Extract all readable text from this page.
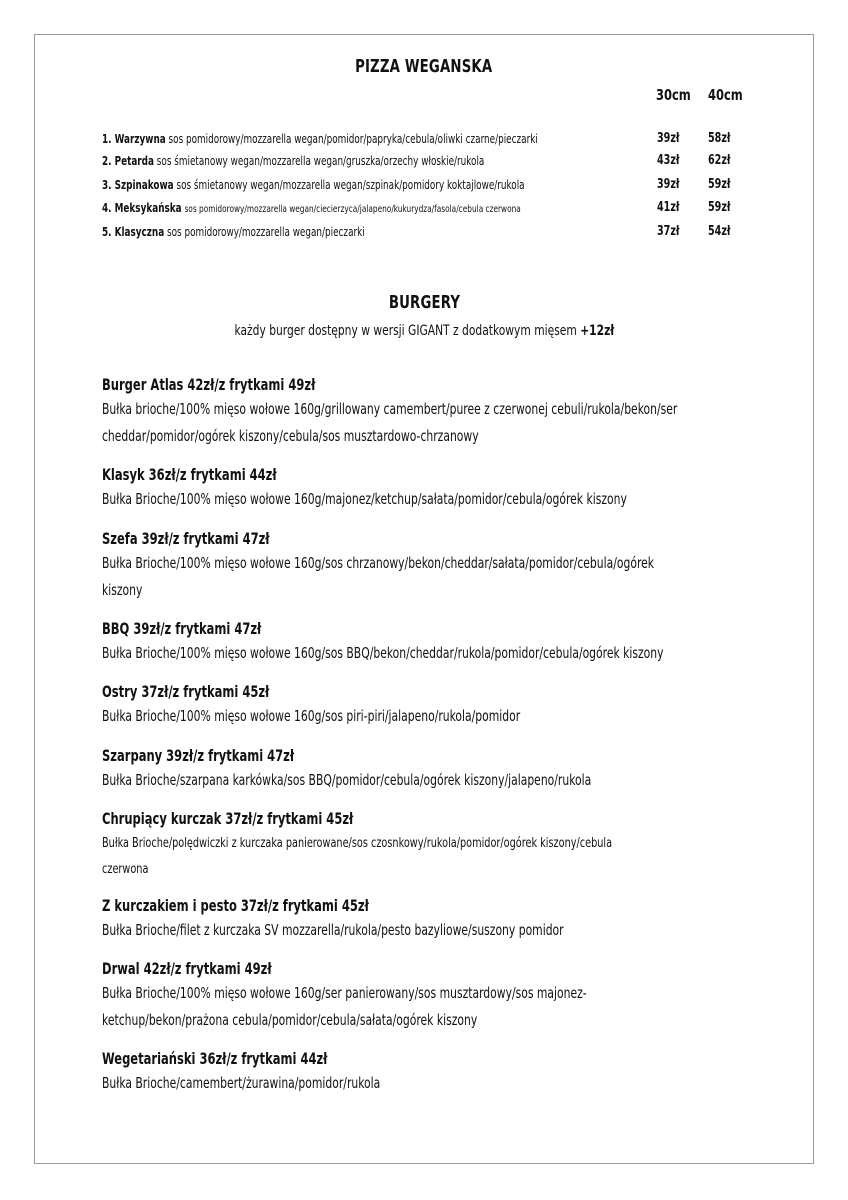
PIZZA WEGANSKA
30cm 40cm
1. Warzywna sos pomidorowy/mozzarella wegan/pomidor/papryka/cebula/oliwki czarne/pieczarki	39zł	58zł
2. Petarda sos śmietanowy wegan/mozzarella wegan/gruszka/orzechy włoskie/rukola	43zł	62zł
3. Szpinakowa sos śmietanowy wegan/mozzarella wegan/szpinak/pomidory koktajlowe/rukola	39zł	59zł
4. Meksykańska sos pomidorowy/mozzarella wegan/ciecierzyca/jalapeno/kukurydza/fasola/cebula czerwona	41zł	59zł
5. Klasyczna sos pomidorowy/mozzarella wegan/pieczarki	37zł	54zł
BURGERY
każdy burger dostępny w wersji GIGANT z dodatkowym mięsem +12zł
Burger Atlas 42zł/z frytkami 49zł
Bułka brioche/100% mięso wołowe 160g/grillowany camembert/puree z czerwonej cebuli/rukola/bekon/ser
cheddar/pomidor/ogórek kiszony/cebula/sos musztardowo-chrzanowy
Klasyk 36zł/z frytkami 44zł
Bułka Brioche/100% mięso wołowe 160g/majonez/ketchup/sałata/pomidor/cebula/ogórek kiszony
Szefa 39zł/z frytkami 47zł
Bułka Brioche/100% mięso wołowe 160g/sos chrzanowy/bekon/cheddar/sałata/pomidor/cebula/ogórek
kiszony
BBQ 39zł/z frytkami 47zł
Bułka Brioche/100% mięso wołowe 160g/sos BBQ/bekon/cheddar/rukola/pomidor/cebula/ogórek kiszony
Ostry 37zł/z frytkami 45zł
Bułka Brioche/100% mięso wołowe 160g/sos piri-piri/jalapeno/rukola/pomidor
Szarpany 39zł/z frytkami 47zł
Bułka Brioche/szarpana karkówka/sos BBQ/pomidor/cebula/ogórek kiszony/jalapeno/rukola
Chrupiący kurczak 37zł/z frytkami 45zł
Bułka Brioche/polędwiczki z kurczaka panierowane/sos czosnkowy/rukola/pomidor/ogórek kiszony/cebula
czerwona
Z kurczakiem i pesto 37zł/z frytkami 45zł
Bułka Brioche/filet z kurczaka SV mozzarella/rukola/pesto bazyliowe/suszony pomidor
Drwal 42zł/z frytkami 49zł
Bułka Brioche/100% mięso wołowe 160g/ser panierowany/sos musztardowy/sos majonez-
ketchup/bekon/prażona cebula/pomidor/cebula/sałata/ogórek kiszony
Wegetariański 36zł/z frytkami 44zł
Bułka Brioche/camembert/żurawina/pomidor/rukola
